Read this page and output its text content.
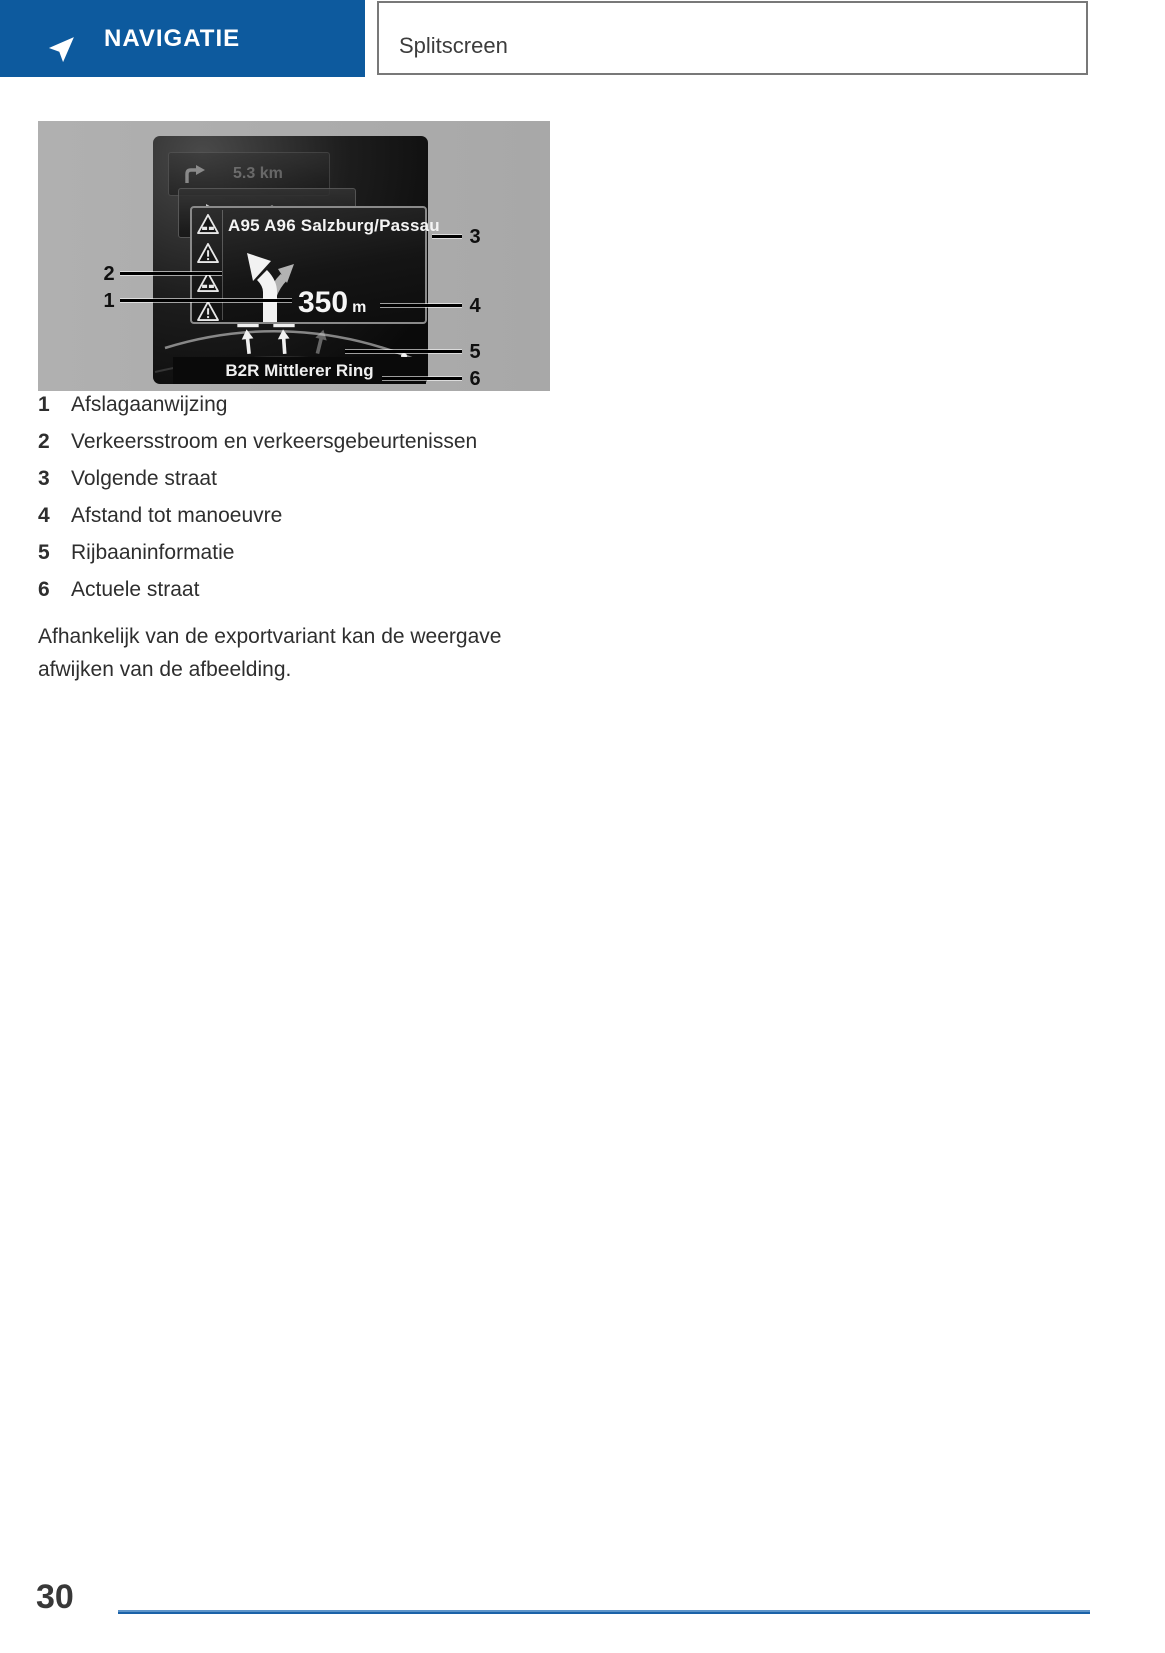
NAVIGATIE	Splitscreen
5.3 km
A95 A96 Salzburg/Passau
350 m
B2R Mittlerer Ring
1
2
3
4
5
6
1	Afslagaanwijzing
2	Verkeersstroom en verkeersgebeurtenissen
3	Volgende straat
4	Afstand tot manoeuvre
5	Rijbaaninformatie
6	Actuele straat
Afhankelijk van de exportvariant kan de weergave afwijken van de afbeelding.
30
